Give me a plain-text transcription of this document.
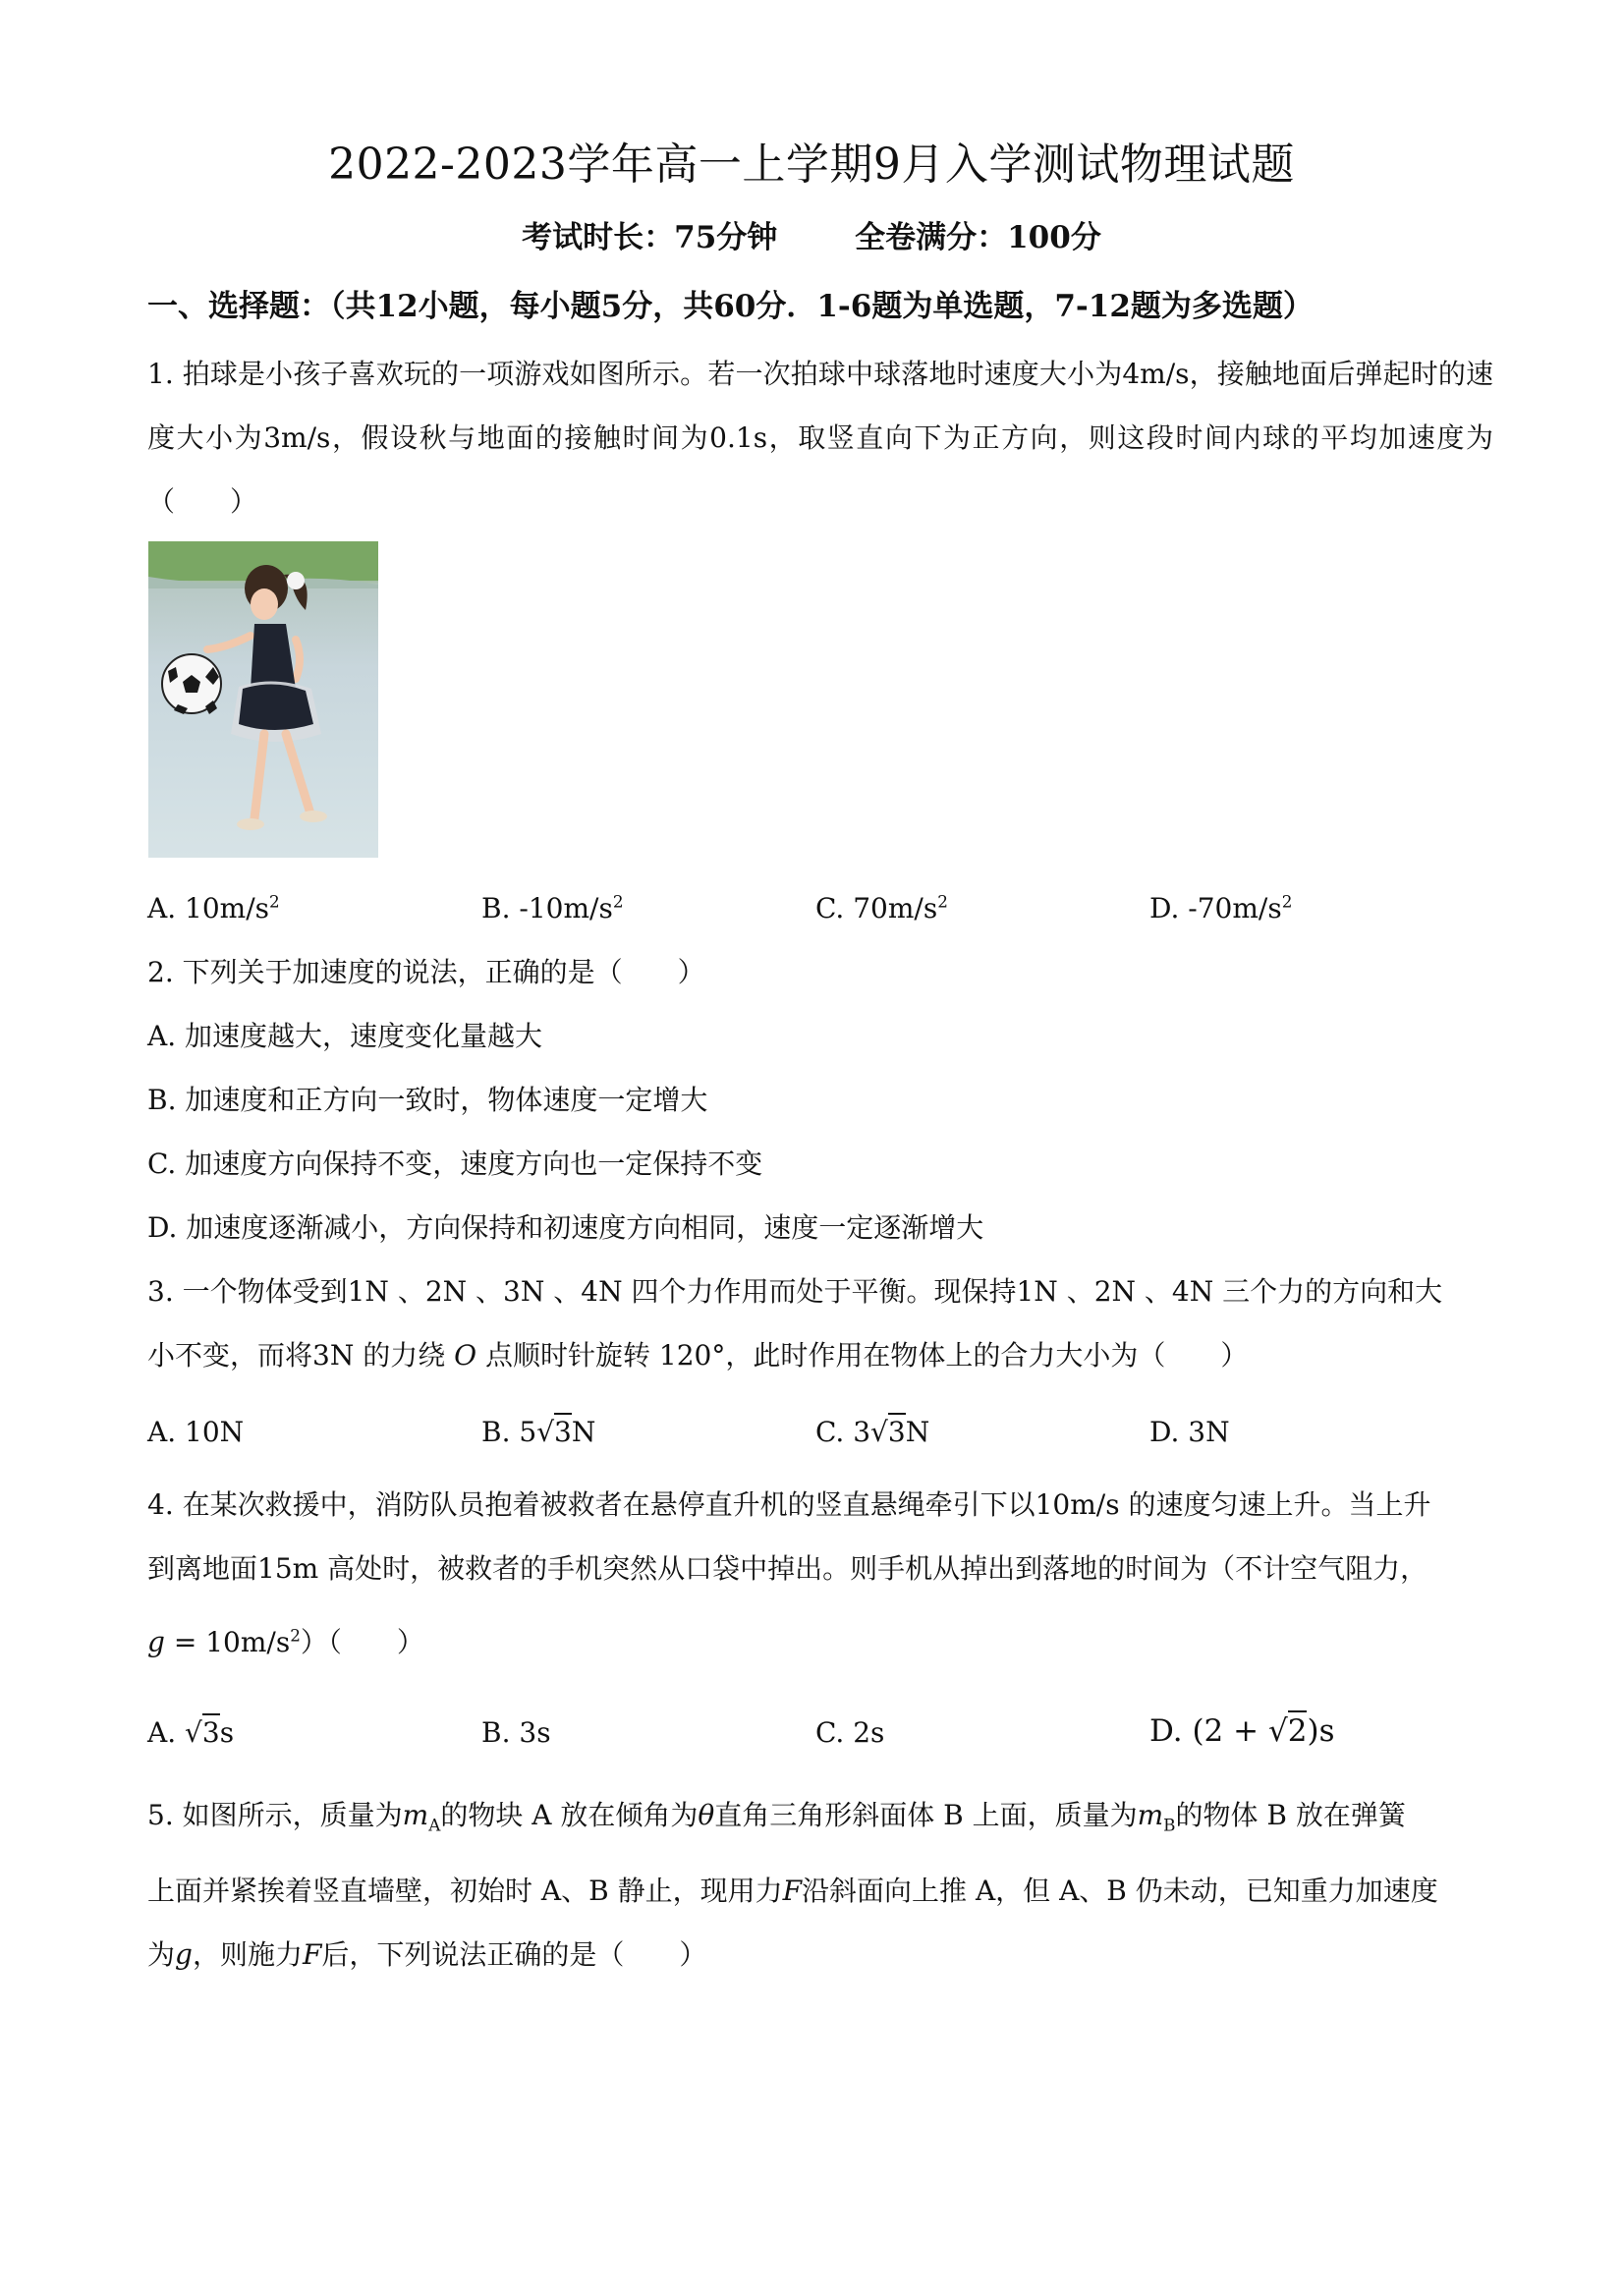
2022-2023学年高一上学期9月入学测试物理试题
考试时长：75分钟	全卷满分：100分
一、选择题：（共12小题，每小题5分，共60分．1-6题为单选题，7-12题为多选题）
1. 拍球是小孩子喜欢玩的一项游戏如图所示。若一次拍球中球落地时速度大小为4m/s，接触地面后弹起时的速度大小为3m/s，假设秋与地面的接触时间为0.1s，取竖直向下为正方向，则这段时间内球的平均加速度为（　　）
A. $10m/s^2$	B. $-10m/s^2$	C. $70m/s^2$	D. $-70m/s^2$
2. 下列关于加速度的说法，正确的是（　　）
A. 加速度越大，速度变化量越大
B. 加速度和正方向一致时，物体速度一定增大
C. 加速度方向保持不变，速度方向也一定保持不变
D. 加速度逐渐减小，方向保持和初速度方向相同，速度一定逐渐增大
3. 一个物体受到1N 、2N 、3N 、4N 四个力作用而处于平衡。现保持1N 、2N 、4N 三个力的方向和大
小不变，而将3N 的力绕 O 点顺时针旋转 120°，此时作用在物体上的合力大小为（　　）
A. 10N	B. 5√3N	C. 3√3N	D. 3N
4. 在某次救援中，消防队员抱着被救者在悬停直升机的竖直悬绳牵引下以10m/s 的速度匀速上升。当上升
到离地面15m 高处时，被救者的手机突然从口袋中掉出。则手机从掉出到落地的时间为（不计空气阻力，
$g = 10m/s^2$）（　　）
A. √3s	B. 3s	C. 2s	D. (2 + √2)s
5. 如图所示，质量为$m_A$的物块 A 放在倾角为θ直角三角形斜面体 B 上面，质量为$m_B$的物体 B 放在弹簧
上面并紧挨着竖直墙壁，初始时 A、B 静止，现用力F沿斜面向上推 A，但 A、B 仍未动，已知重力加速度
为g，则施力F后，下列说法正确的是（　　）
